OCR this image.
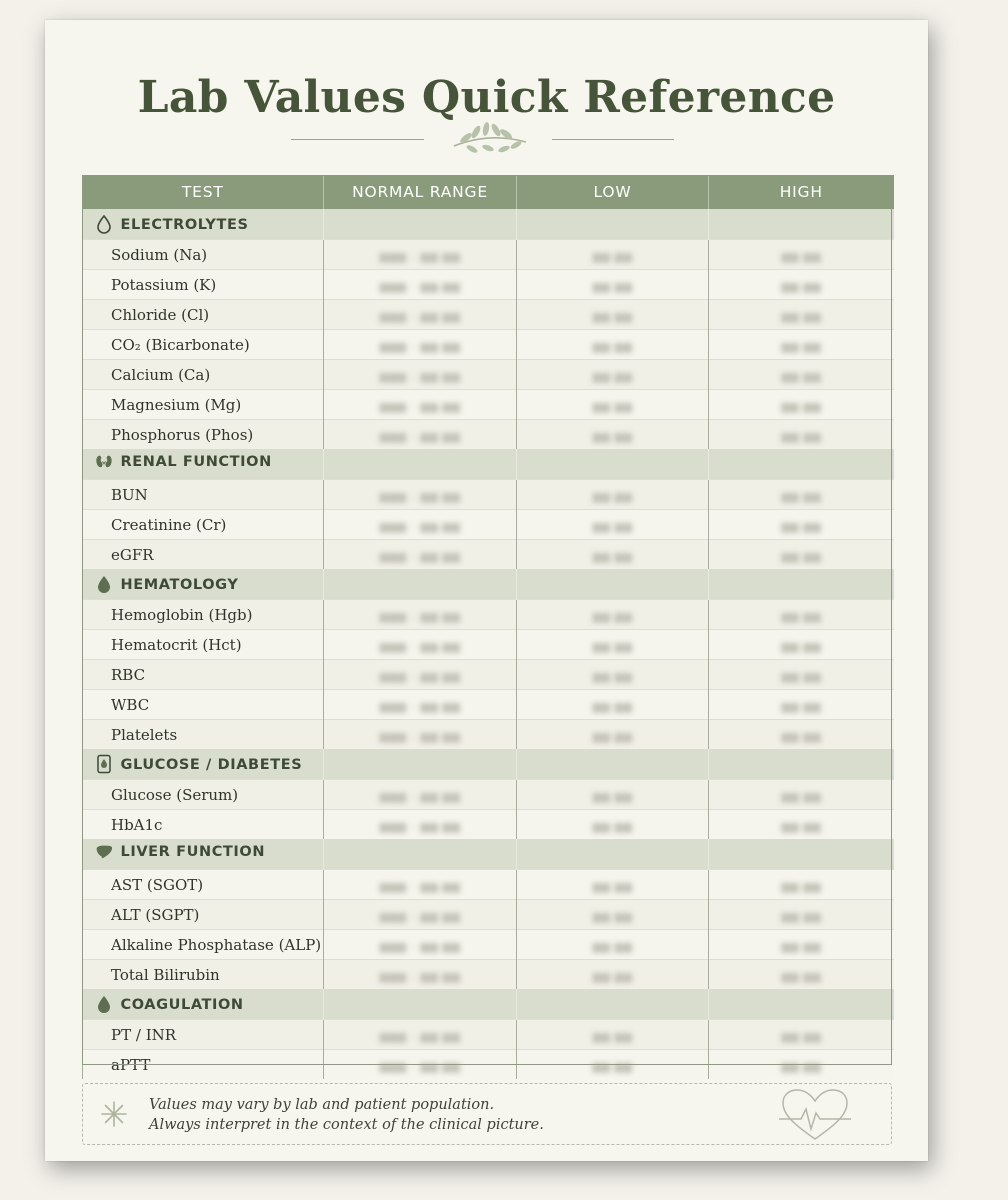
Lab Values Quick Reference
TEST	NORMAL RANGE	LOW	HIGH
ELECTROLYTES			
Sodium (Na)	▆▆▆ – ▆▆ ▆▆	▆▆ ▆▆	▆▆ ▆▆
Potassium (K)	▆▆▆ – ▆▆ ▆▆	▆▆ ▆▆	▆▆ ▆▆
Chloride (Cl)	▆▆▆ – ▆▆ ▆▆	▆▆ ▆▆	▆▆ ▆▆
CO₂ (Bicarbonate)	▆▆▆ – ▆▆ ▆▆	▆▆ ▆▆	▆▆ ▆▆
Calcium (Ca)	▆▆▆ – ▆▆ ▆▆	▆▆ ▆▆	▆▆ ▆▆
Magnesium (Mg)	▆▆▆ – ▆▆ ▆▆	▆▆ ▆▆	▆▆ ▆▆
Phosphorus (Phos)	▆▆▆ – ▆▆ ▆▆	▆▆ ▆▆	▆▆ ▆▆
RENAL FUNCTION			
BUN	▆▆▆ – ▆▆ ▆▆	▆▆ ▆▆	▆▆ ▆▆
Creatinine (Cr)	▆▆▆ – ▆▆ ▆▆	▆▆ ▆▆	▆▆ ▆▆
eGFR	▆▆▆ – ▆▆ ▆▆	▆▆ ▆▆	▆▆ ▆▆
HEMATOLOGY			
Hemoglobin (Hgb)	▆▆▆ – ▆▆ ▆▆	▆▆ ▆▆	▆▆ ▆▆
Hematocrit (Hct)	▆▆▆ – ▆▆ ▆▆	▆▆ ▆▆	▆▆ ▆▆
RBC	▆▆▆ – ▆▆ ▆▆	▆▆ ▆▆	▆▆ ▆▆
WBC	▆▆▆ – ▆▆ ▆▆	▆▆ ▆▆	▆▆ ▆▆
Platelets	▆▆▆ – ▆▆ ▆▆	▆▆ ▆▆	▆▆ ▆▆
GLUCOSE / DIABETES			
Glucose (Serum)	▆▆▆ – ▆▆ ▆▆	▆▆ ▆▆	▆▆ ▆▆
HbA1c	▆▆▆ – ▆▆ ▆▆	▆▆ ▆▆	▆▆ ▆▆
LIVER FUNCTION			
AST (SGOT)	▆▆▆ – ▆▆ ▆▆	▆▆ ▆▆	▆▆ ▆▆
ALT (SGPT)	▆▆▆ – ▆▆ ▆▆	▆▆ ▆▆	▆▆ ▆▆
Alkaline Phosphatase (ALP)	▆▆▆ – ▆▆ ▆▆	▆▆ ▆▆	▆▆ ▆▆
Total Bilirubin	▆▆▆ – ▆▆ ▆▆	▆▆ ▆▆	▆▆ ▆▆
COAGULATION			
PT / INR	▆▆▆ – ▆▆ ▆▆	▆▆ ▆▆	▆▆ ▆▆
aPTT	▆▆▆ – ▆▆ ▆▆	▆▆ ▆▆	▆▆ ▆▆
Values may vary by lab and patient population.
Always interpret in the context of the clinical picture.
